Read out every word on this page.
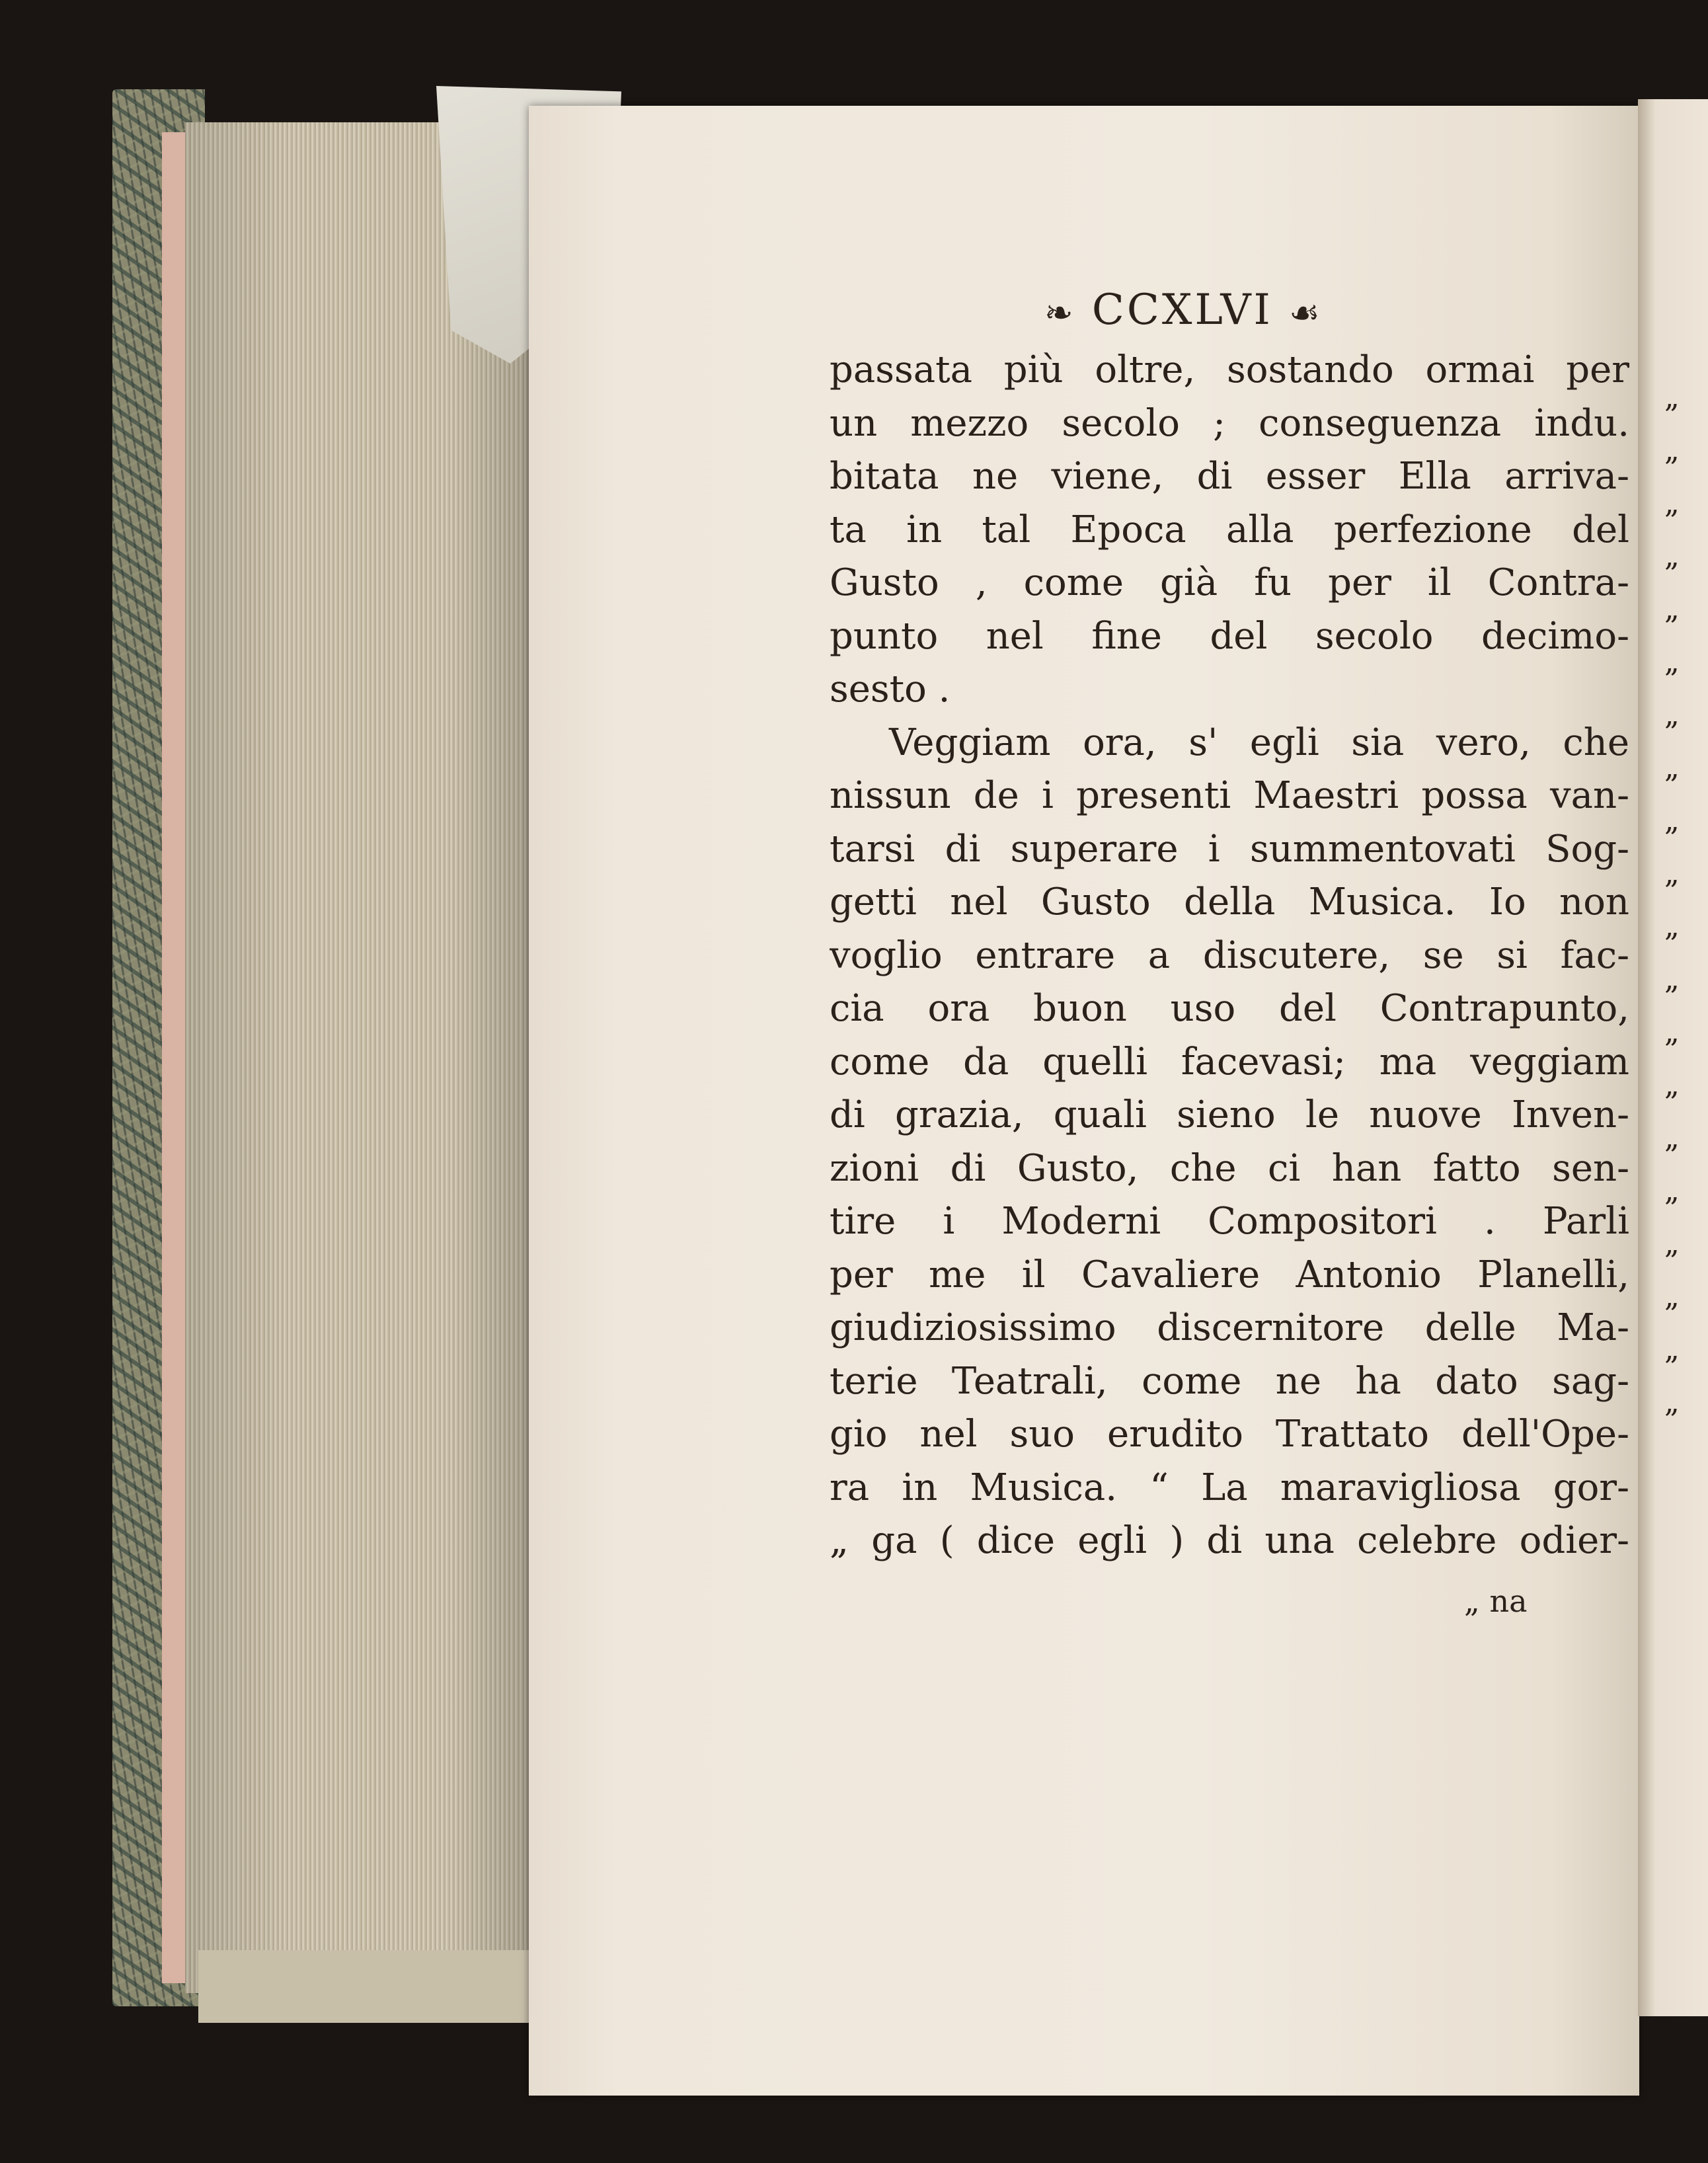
„
„
„
„
„
„
„
„
„
„
„
„
„
„
„
„
„
„
„
„
❧ CCXLVI ☙
passata più oltre, sostando ormai per
un mezzo secolo ; conseguenza indu.
bitata ne viene, di esser Ella arriva-
ta in tal Epoca alla perfezione del
Gusto , come già fu per il Contra-
punto nel fine del secolo decimo-
sesto .
Veggiam ora, s' egli sia vero, che
nissun de i presenti Maestri possa van-
tarsi di superare i summentovati Sog-
getti nel Gusto della Musica. Io non
voglio entrare a discutere, se si fac-
cia ora buon uso del Contrapunto,
come da quelli facevasi; ma veggiam
di grazia, quali sieno le nuove Inven-
zioni di Gusto, che ci han fatto sen-
tire i Moderni Compositori . Parli
per me il Cavaliere Antonio Planelli,
giudiziosissimo discernitore delle Ma-
terie Teatrali, come ne ha dato sag-
gio nel suo erudito Trattato dell'Ope-
ra in Musica. “ La maravigliosa gor-
„ ga ( dice egli ) di una celebre odier-
„ na
